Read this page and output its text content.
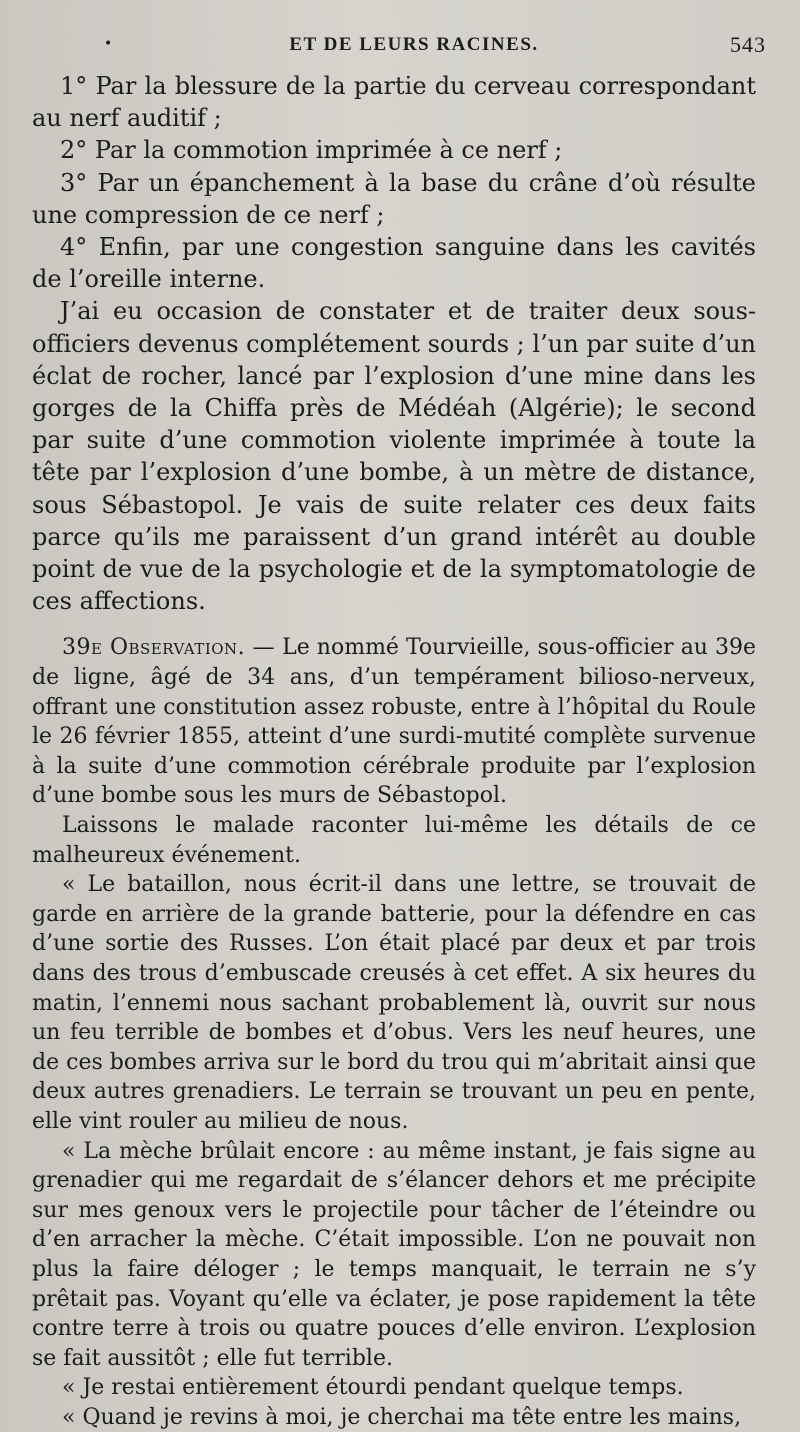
•	ET DE LEURS RACINES.	543

1° Par la blessure de la partie du cerveau correspondant au nerf auditif ;

2° Par la commotion imprimée à ce nerf ;

3° Par un épanchement à la base du crâne d’où résulte une compression de ce nerf ;

4° Enfin, par une congestion sanguine dans les cavités de l’oreille interne.

J’ai eu occasion de constater et de traiter deux sous-officiers devenus complétement sourds ; l’un par suite d’un éclat de rocher, lancé par l’explosion d’une mine dans les gorges de la Chiffa près de Médéah (Algérie); le second par suite d’une commotion violente imprimée à toute la tête par l’explosion d’une bombe, à un mètre de distance, sous Sébastopol. Je vais de suite relater ces deux faits parce qu’ils me paraissent d’un grand intérêt au double point de vue de la psychologie et de la symptomatologie de ces affections.

39e Observation. — Le nommé Tourvieille, sous-officier au 39e de ligne, âgé de 34 ans, d’un tempérament bilioso-nerveux, offrant une constitution assez robuste, entre à l’hôpital du Roule le 26 février 1855, atteint d’une surdi-mutité complète survenue à la suite d’une commotion cérébrale produite par l’explosion d’une bombe sous les murs de Sébastopol.

Laissons le malade raconter lui-même les détails de ce malheureux événement.

« Le bataillon, nous écrit-il dans une lettre, se trouvait de garde en arrière de la grande batterie, pour la défendre en cas d’une sortie des Russes. L’on était placé par deux et par trois dans des trous d’embuscade creusés à cet effet. A six heures du matin, l’ennemi nous sachant probablement là, ouvrit sur nous un feu terrible de bombes et d’obus. Vers les neuf heures, une de ces bombes arriva sur le bord du trou qui m’abritait ainsi que deux autres grenadiers. Le terrain se trouvant un peu en pente, elle vint rouler au milieu de nous.

« La mèche brûlait encore : au même instant, je fais signe au grenadier qui me regardait de s’élancer dehors et me précipite sur mes genoux vers le projectile pour tâcher de l’éteindre ou d’en arracher la mèche. C’était impossible. L’on ne pouvait non plus la faire déloger ; le temps manquait, le terrain ne s’y prêtait pas. Voyant qu’elle va éclater, je pose rapidement la tête contre terre à trois ou quatre pouces d’elle environ. L’explosion se fait aussitôt ; elle fut terrible.

« Je restai entièrement étourdi pendant quelque temps.

« Quand je revins à moi, je cherchai ma tête entre les mains,
